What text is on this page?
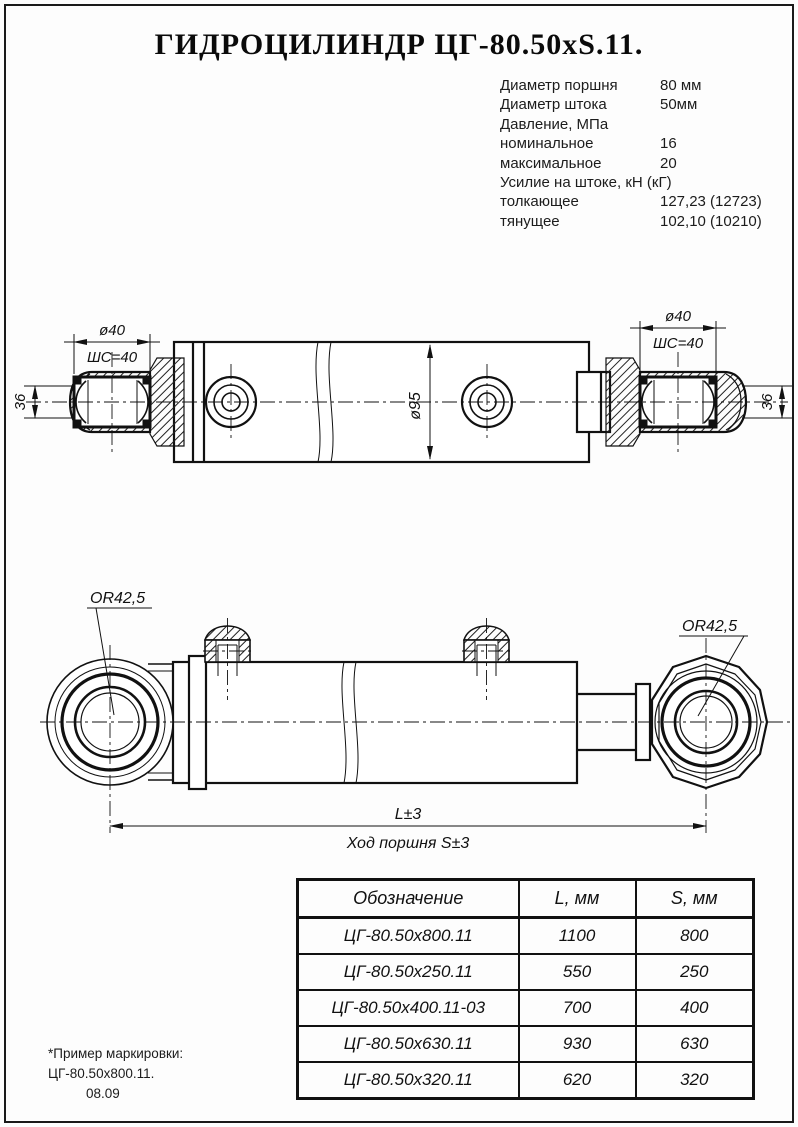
ГИДРОЦИЛИНДР ЦГ-80.50xS.11.
Диаметр поршня	80 мм
Диаметр штока	50мм
Давление, МПа
номинальное	16
максимальное	20
Усилие на штоке, кН (кГ)
толкающее	127,23 (12723)
тянущее	102,10 (10210)
ø95
ø40
ШС=40
ø40
ШС=40
36	36
OR42,5
OR42,5
L±3
Ход поршня S±3
Обозначение	L, мм	S, мм
ЦГ-80.50x800.11	1100	800
ЦГ-80.50x250.11	550	250
ЦГ-80.50x400.11-03	700	400
ЦГ-80.50x630.11	930	630
ЦГ-80.50x320.11	620	320
*Пример маркировки:
ЦГ-80.50x800.11.
08.09
